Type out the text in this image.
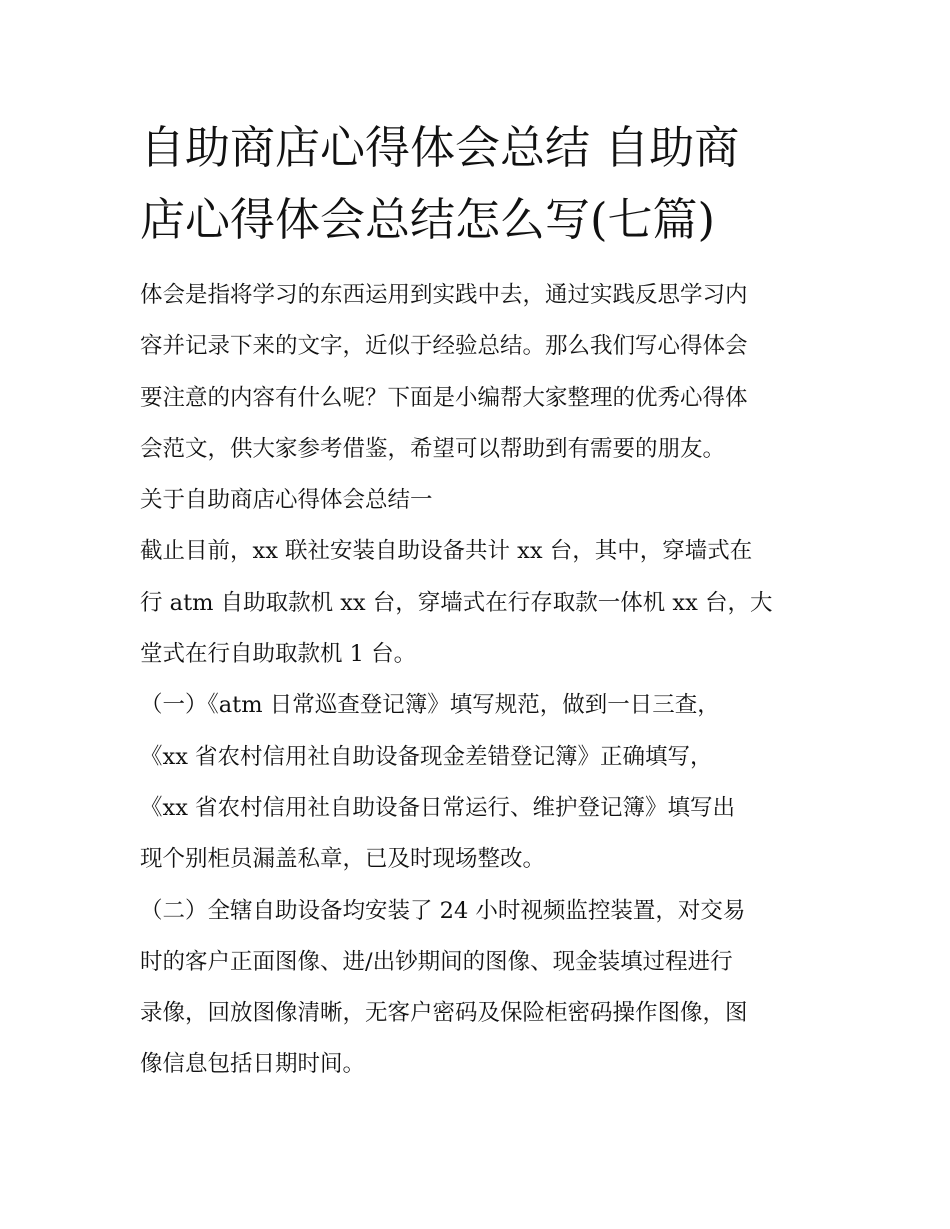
自助商店心得体会总结 自助商
店心得体会总结怎么写(七篇)
体会是指将学习的东西运用到实践中去，通过实践反思学习内
容并记录下来的文字，近似于经验总结。那么我们写心得体会
要注意的内容有什么呢？下面是小编帮大家整理的优秀心得体
会范文，供大家参考借鉴，希望可以帮助到有需要的朋友。
关于自助商店心得体会总结一
截止目前，xx 联社安装自助设备共计 xx 台，其中，穿墙式在
行 atm 自助取款机 xx 台，穿墙式在行存取款一体机 xx 台，大
堂式在行自助取款机 1 台。
（一）《atm 日常巡查登记簿》填写规范，做到一日三查，
《xx 省农村信用社自助设备现金差错登记簿》正确填写，
《xx 省农村信用社自助设备日常运行、维护登记簿》填写出
现个别柜员漏盖私章，已及时现场整改。
（二）全辖自助设备均安装了 24 小时视频监控装置，对交易
时的客户正面图像、进/出钞期间的图像、现金装填过程进行
录像，回放图像清晰，无客户密码及保险柜密码操作图像，图
像信息包括日期时间。
